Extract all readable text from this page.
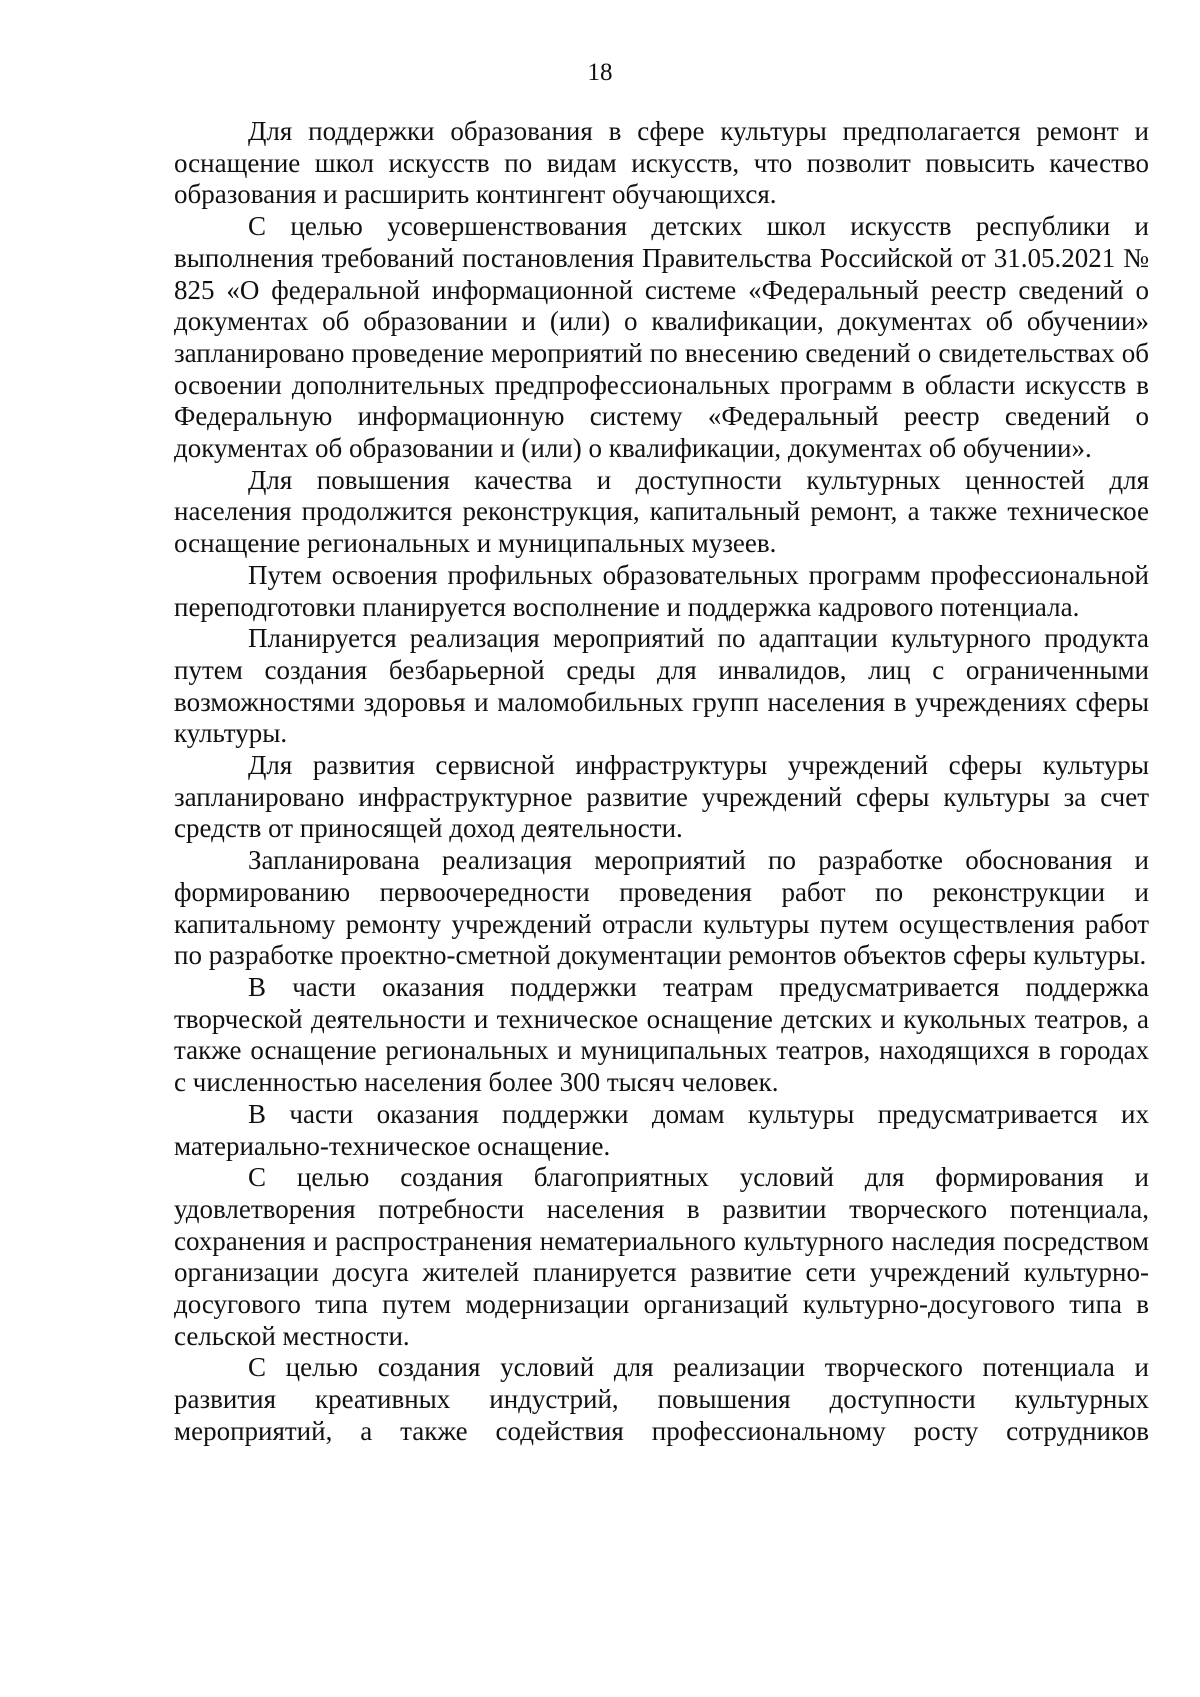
18

Для поддержки образования в сфере культуры предполагается ремонт и оснащение школ искусств по видам искусств, что позволит повысить качество образования и расширить контингент обучающихся.

С целью усовершенствования детских школ искусств республики и выполнения требований постановления Правительства Российской от 31.05.2021 № 825 «О федеральной информационной системе «Федеральный реестр сведений о документах об образовании и (или) о квалификации, документах об обучении» запланировано проведение мероприятий по внесению сведений о свидетельствах об освоении дополнительных предпрофессиональных программ в области искусств в Федеральную информационную систему «Федеральный реестр сведений о документах об образовании и (или) о квалификации, документах об обучении».

Для повышения качества и доступности культурных ценностей для населения продолжится реконструкция, капитальный ремонт, а также техническое оснащение региональных и муниципальных музеев.

Путем освоения профильных образовательных программ профессиональной переподготовки планируется восполнение и поддержка кадрового потенциала.

Планируется реализация мероприятий по адаптации культурного продукта путем создания безбарьерной среды для инвалидов, лиц с ограниченными возможностями здоровья и маломобильных групп населения в учреждениях сферы культуры.

Для развития сервисной инфраструктуры учреждений сферы культуры запланировано инфраструктурное развитие учреждений сферы культуры за счет средств от приносящей доход деятельности.

Запланирована реализация мероприятий по разработке обоснования и формированию первоочередности проведения работ по реконструкции и капитальному ремонту учреждений отрасли культуры путем осуществления работ по разработке проектно-сметной документации ремонтов объектов сферы культуры.

В части оказания поддержки театрам предусматривается поддержка творческой деятельности и техническое оснащение детских и кукольных театров, а также оснащение региональных и муниципальных театров, находящихся в городах с численностью населения более 300 тысяч человек.

В части оказания поддержки домам культуры предусматривается их материально-техническое оснащение.

С целью создания благоприятных условий для формирования и удовлетворения потребности населения в развитии творческого потенциала, сохранения и распространения нематериального культурного наследия посредством организации досуга жителей планируется развитие сети учреждений культурно-досугового типа путем модернизации организаций культурно-досугового типа в сельской местности.

С целью создания условий для реализации творческого потенциала и развития креативных индустрий, повышения доступности культурных мероприятий, а также содействия профессиональному росту сотрудников
